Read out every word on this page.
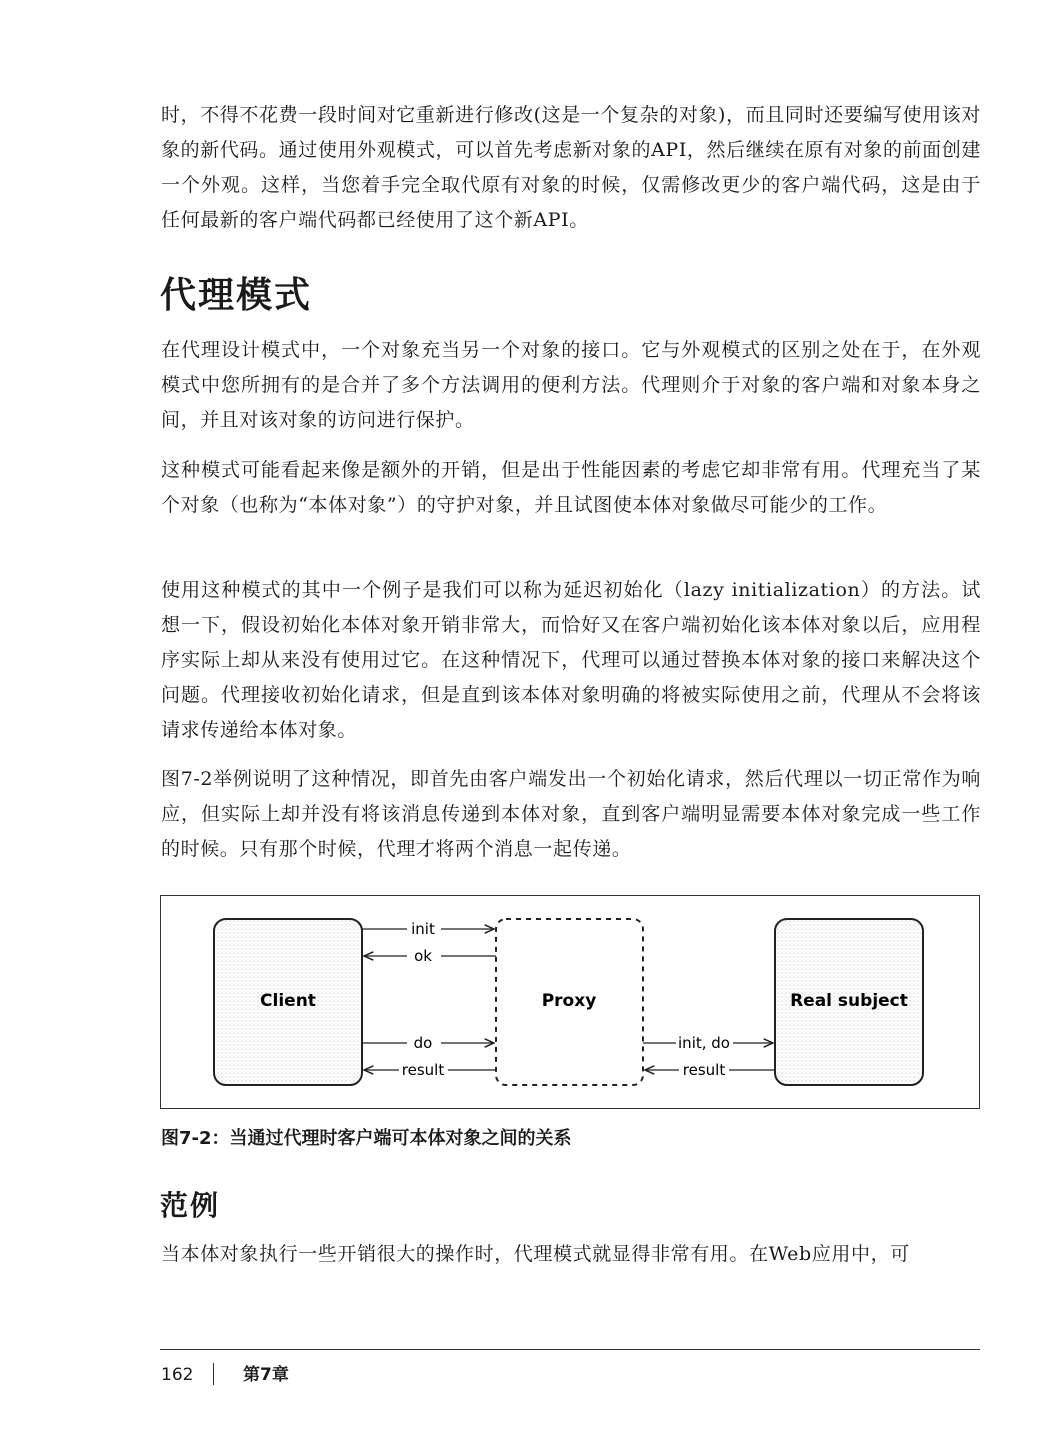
时，不得不花费一段时间对它重新进行修改(这是一个复杂的对象)，而且同时还要编写使用该对象的新代码。通过使用外观模式，可以首先考虑新对象的API，然后继续在原有对象的前面创建一个外观。这样，当您着手完全取代原有对象的时候，仅需修改更少的客户端代码，这是由于任何最新的客户端代码都已经使用了这个新API。

代理模式

在代理设计模式中，一个对象充当另一个对象的接口。它与外观模式的区别之处在于，在外观模式中您所拥有的是合并了多个方法调用的便利方法。代理则介于对象的客户端和对象本身之间，并且对该对象的访问进行保护。

这种模式可能看起来像是额外的开销，但是出于性能因素的考虑它却非常有用。代理充当了某个对象（也称为“本体对象”）的守护对象，并且试图使本体对象做尽可能少的工作。

使用这种模式的其中一个例子是我们可以称为延迟初始化（lazy initialization）的方法。试想一下，假设初始化本体对象开销非常大，而恰好又在客户端初始化该本体对象以后，应用程序实际上却从来没有使用过它。在这种情况下，代理可以通过替换本体对象的接口来解决这个问题。代理接收初始化请求，但是直到该本体对象明确的将被实际使用之前，代理从不会将该请求传递给本体对象。

图7-2举例说明了这种情况，即首先由客户端发出一个初始化请求，然后代理以一切正常作为响应，但实际上却并没有将该消息传递到本体对象，直到客户端明显需要本体对象完成一些工作的时候。只有那个时候，代理才将两个消息一起传递。

Client	Proxy	Real subject
init
ok
do
result
init, do
result

图7-2：当通过代理时客户端可本体对象之间的关系

范例

当本体对象执行一些开销很大的操作时，代理模式就显得非常有用。在Web应用中，可

162	第7章
